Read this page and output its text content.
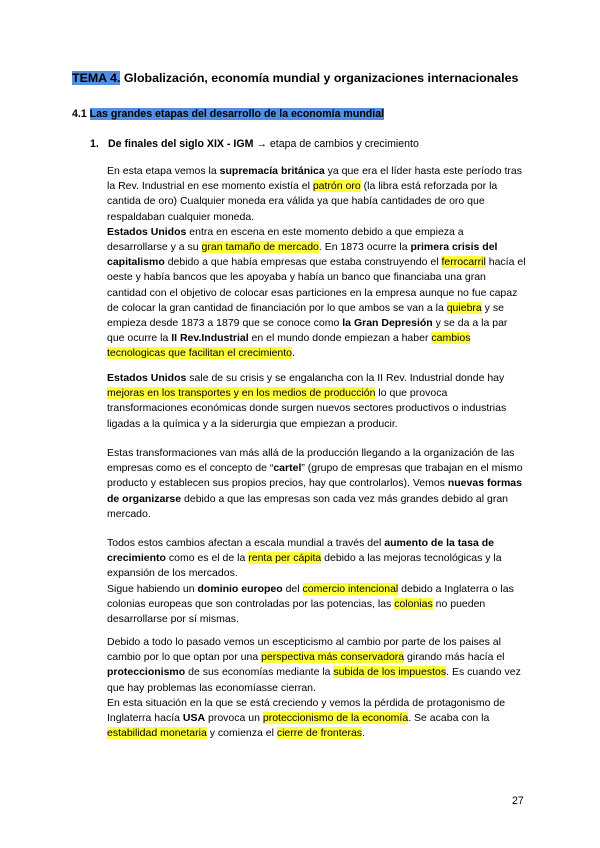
TEMA 4. Globalización, economía mundial y organizaciones internacionales
4.1 Las grandes etapas del desarrollo de la economía mundial
1. De finales del siglo XIX - IGM → etapa de cambios y crecimiento
En esta etapa vemos la supremacía británica ya que era el líder hasta este período tras la Rev. Industrial en ese momento existía el patrón oro (la libra está reforzada por la cantida de oro) Cualquier moneda era válida ya que había cantidades de oro que respaldaban cualquier moneda.
Estados Unidos entra en escena en este momento debido a que empieza a desarrollarse y a su gran tamaño de mercado. En 1873 ocurre la primera crisis del capitalismo debido a que había empresas que estaba construyendo el ferrocarril hacía el oeste y había bancos que les apoyaba y había un banco que financiaba una gran cantidad con el objetivo de colocar esas particiones en la empresa aunque no fue capaz de colocar la gran cantidad de financiación por lo que ambos se van a la quiebra y se empieza desde 1873 a 1879 que se conoce como la Gran Depresión y se da a la par que ocurre la II Rev.Industrial en el mundo donde empiezan a haber cambios tecnologicas que facilitan el crecimiento.
Estados Unidos sale de su crisis y se engalancha con la II Rev. Industrial donde hay mejoras en los transportes y en los medios de producción lo que provoca transformaciones económicas donde surgen nuevos sectores productivos o industrias ligadas a la química y a la siderurgia que empiezan a producir.
Estas transformaciones van más allá de la producción llegando a la organización de las empresas como es el concepto de “cartel” (grupo de empresas que trabajan en el mismo producto y establecen sus propios precios, hay que controlarlos). Vemos nuevas formas de organizarse debido a que las empresas son cada vez más grandes debido al gran mercado.
Todos estos cambios afectan a escala mundial a través del aumento de la tasa de crecimiento como es el de la renta per cápita debido a las mejoras tecnológicas y la expansión de los mercados.
Sigue habiendo un dominio europeo del comercio intencional debido a Inglaterra o las colonias europeas que son controladas por las potencias, las colonias no pueden desarrollarse por sí mismas.
Debido a todo lo pasado vemos un escepticismo al cambio por parte de los paises al cambio por lo que optan por una perspectiva más conservadora girando más hacía el proteccionismo de sus economías mediante la subida de los impuestos. Es cuando vez que hay problemas las economíasse cierran.
En esta situación en la que se está creciendo y vemos la pérdida de protagonismo de Inglaterra hacía USA provoca un proteccionismo de la economía. Se acaba con la estabilidad monetaria y comienza el cierre de fronteras.
27
